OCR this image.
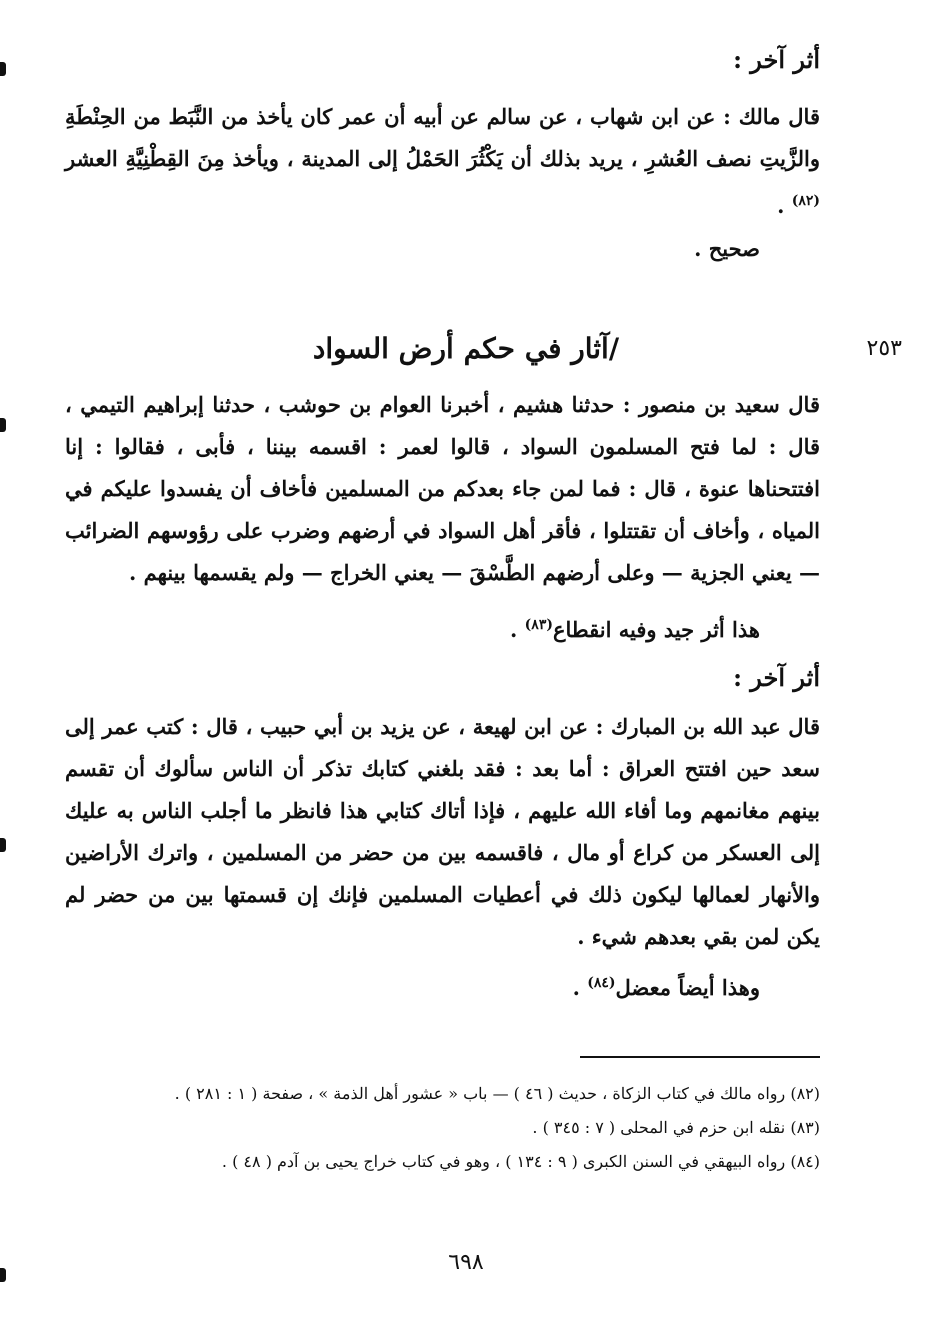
أثر آخر :
قال مالك : عن ابن شهاب ، عن سالم عن أبيه أن عمر كان يأخذ من النَّبَط من الحِنْطَةِ والزَّيتِ نصف العُشرِ ، يريد بذلك أن يَكْثُرَ الحَمْلُ إلى المدينة ، ويأخذ مِنَ القِطْنِيَّةِ العشر $^{(٨٢)}$ .
صحيح .
٢٥٣
/آثار في حكم أرض السواد
قال سعيد بن منصور : حدثنا هشيم ، أخبرنا العوام بن حوشب ، حدثنا إبراهيم التيمي ، قال : لما فتح المسلمون السواد ، قالوا لعمر : اقسمه بيننا ، فأبى ، فقالوا : إنا افتتحناها عنوة ، قال : فما لمن جاء بعدكم من المسلمين فأخاف أن يفسدوا عليكم في المياه ، وأخاف أن تقتتلوا ، فأقر أهل السواد في أرضهم وضرب على رؤوسهم الضرائب — يعني الجزية — وعلى أرضهم الطَّسْقَ — يعني الخراج — ولم يقسمها بينهم .
هذا أثر جيد وفيه انقطاع$^{(٨٣)}$ .
أثر آخر :
قال عبد الله بن المبارك : عن ابن لهيعة ، عن يزيد بن أبي حبيب ، قال : كتب عمر إلى سعد حين افتتح العراق : أما بعد : فقد بلغني كتابك تذكر أن الناس سألوك أن تقسم بينهم مغانمهم وما أفاء الله عليهم ، فإذا أتاك كتابي هذا فانظر ما أجلب الناس به عليك إلى العسكر من كراع أو مال ، فاقسمه بين من حضر من المسلمين ، واترك الأراضين والأنهار لعمالها ليكون ذلك في أعطيات المسلمين فإنك إن قسمتها بين من حضر لم يكن لمن بقي بعدهم شيء .
وهذا أيضاً معضل$^{(٨٤)}$ .
(٨٢) رواه مالك في كتاب الزكاة ، حديث ( ٤٦ ) — باب « عشور أهل الذمة » ، صفحة ( ١ : ٢٨١ ) .
(٨٣) نقله ابن حزم في المحلى ( ٧ : ٣٤٥ ) .
(٨٤) رواه البيهقي في السنن الكبرى ( ٩ : ١٣٤ ) ، وهو في كتاب خراج يحيى بن آدم ( ٤٨ ) .
٦٩٨
